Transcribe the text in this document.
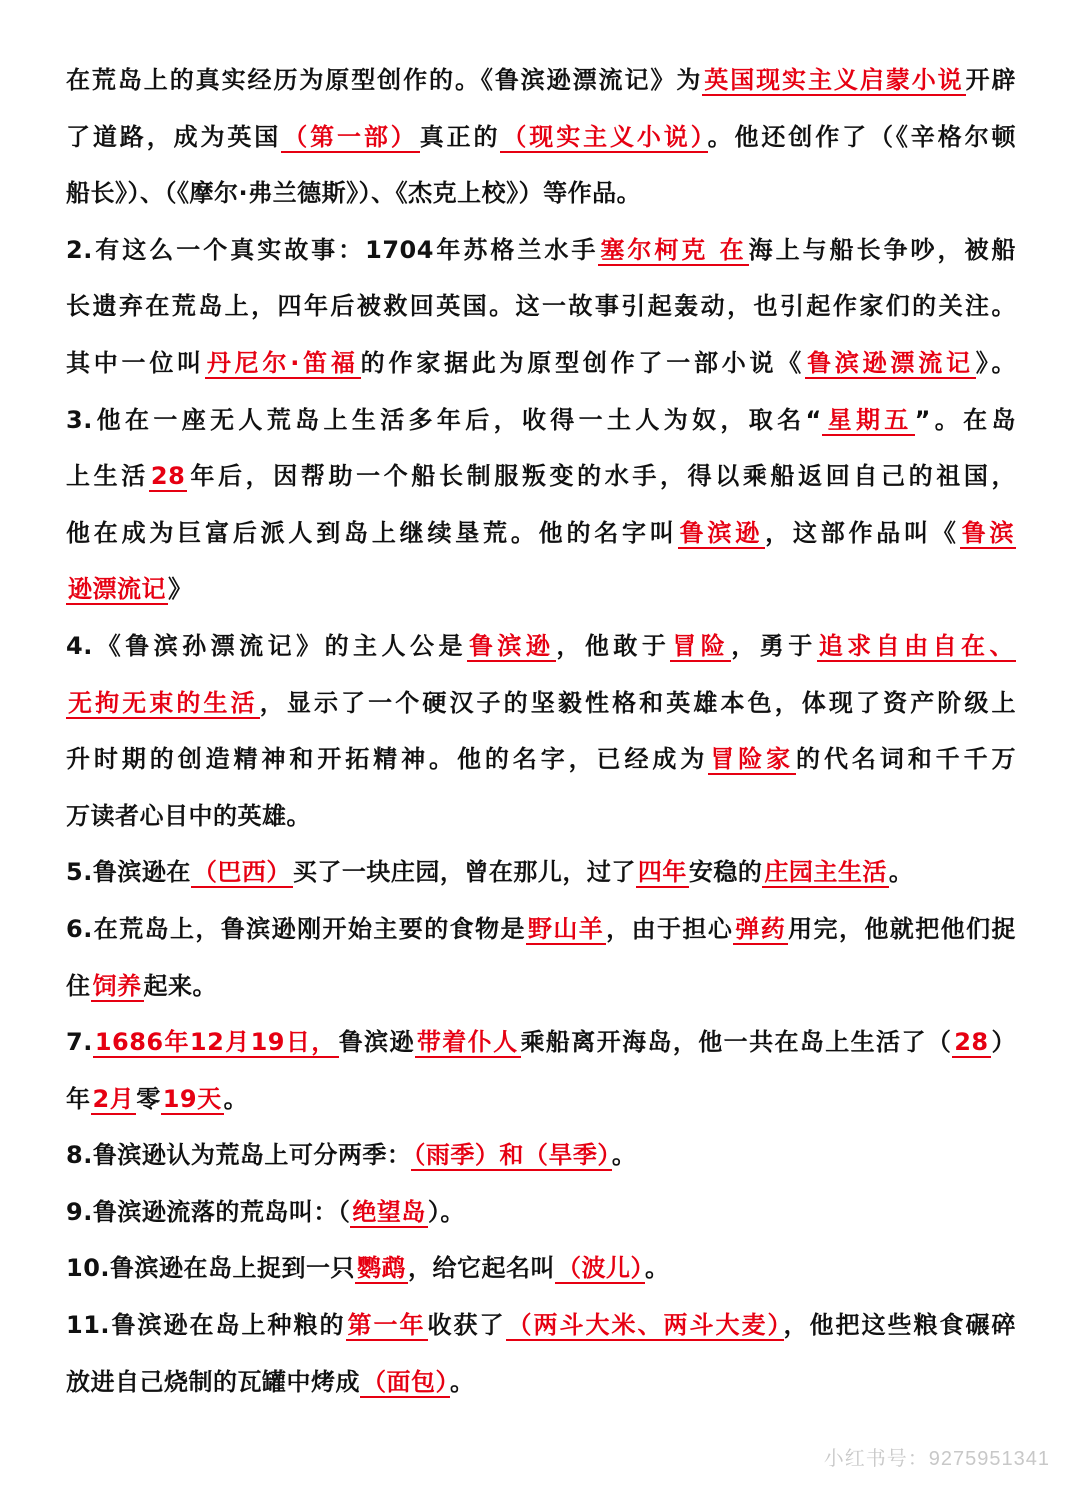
在荒岛上的真实经历为原型创作的。《鲁滨逊漂流记》为英国现实主义启蒙小说开辟
了道路，成为英国（第一部）真正的（现实主义小说）。他还创作了（《辛格尔顿
船长》）、（《摩尔·弗兰德斯》）、《杰克上校》）等作品。
2.有这么一个真实故事：1704年苏格兰水手塞尔柯克 在海上与船长争吵，被船
长遗弃在荒岛上，四年后被救回英国。这一故事引起轰动，也引起作家们的关注。
其中一位叫丹尼尔·笛福的作家据此为原型创作了一部小说《鲁滨逊漂流记》。
3.他在一座无人荒岛上生活多年后，收得一土人为奴，取名“星期五”。在岛
上生活28年后，因帮助一个船长制服叛变的水手，得以乘船返回自己的祖国，
他在成为巨富后派人到岛上继续垦荒。他的名字叫鲁滨逊，这部作品叫《鲁滨
逊漂流记》
4.《鲁滨孙漂流记》的主人公是鲁滨逊，他敢于冒险，勇于追求自由自在、
无拘无束的生活，显示了一个硬汉子的坚毅性格和英雄本色，体现了资产阶级上
升时期的创造精神和开拓精神。他的名字，已经成为冒险家的代名词和千千万
万读者心目中的英雄。
5.鲁滨逊在（巴西）买了一块庄园，曾在那儿，过了四年安稳的庄园主生活。
6.在荒岛上，鲁滨逊刚开始主要的食物是野山羊，由于担心弹药用完，他就把他们捉
住饲养起来。
7.1686年12月19日，鲁滨逊带着仆人乘船离开海岛，他一共在岛上生活了（28）
年2月零19天。
8.鲁滨逊认为荒岛上可分两季：（雨季）和（旱季）。
9.鲁滨逊流落的荒岛叫：（绝望岛）。
10.鲁滨逊在岛上捉到一只鹦鹉，给它起名叫（波儿）。
11.鲁滨逊在岛上种粮的第一年收获了（两斗大米、两斗大麦），他把这些粮食碾碎
放进自己烧制的瓦罐中烤成（面包）。
小红书号：9275951341
